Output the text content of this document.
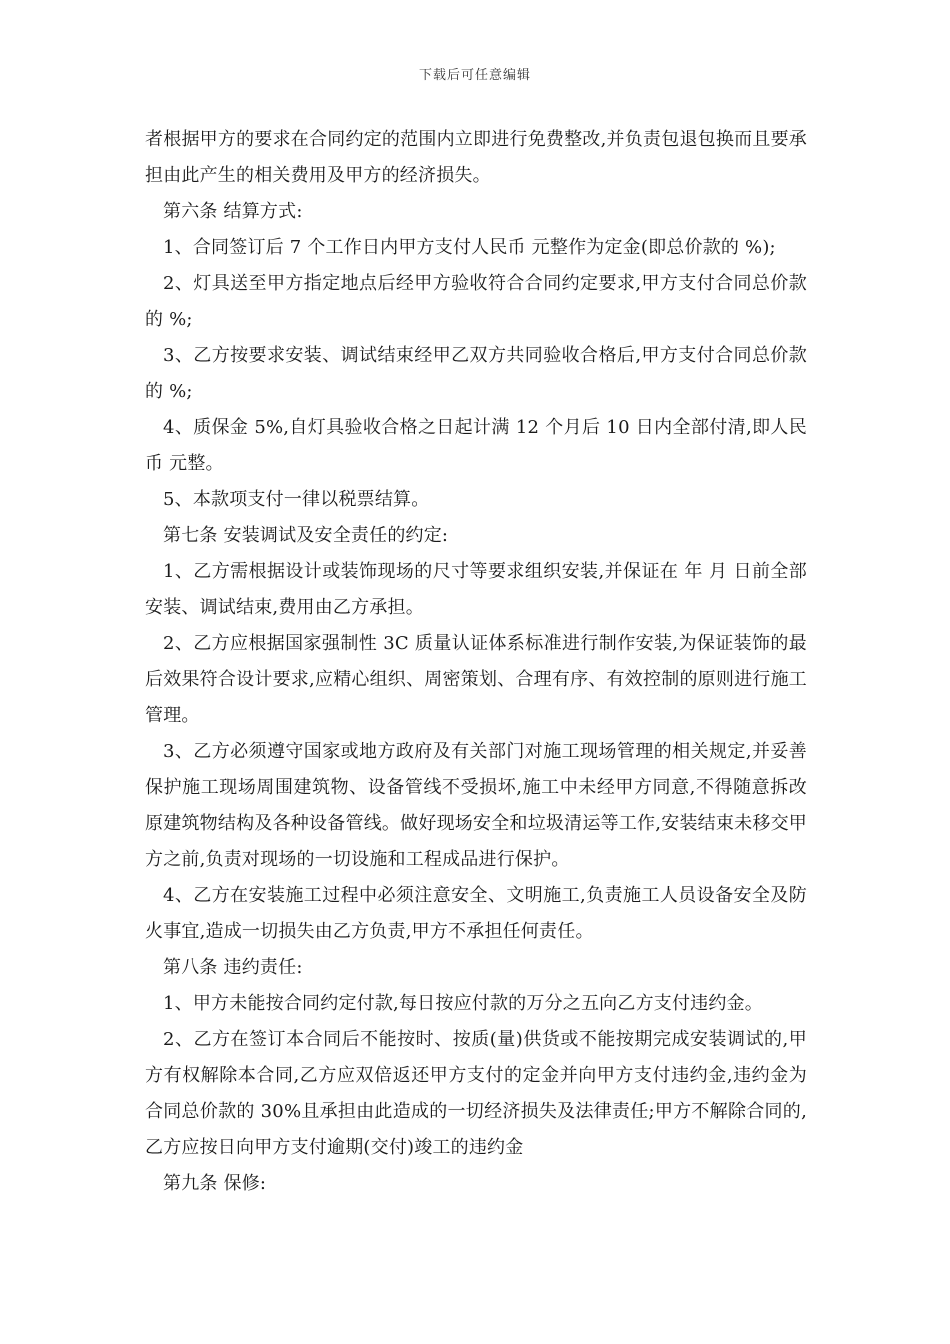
下载后可任意编辑

者根据甲方的要求在合同约定的范围内立即进行免费整改,并负责包退包换而且要承担由此产生的相关费用及甲方的经济损失。

第六条 结算方式:

1、合同签订后 7 个工作日内甲方支付人民币 元整作为定金(即总价款的 %);

2、灯具送至甲方指定地点后经甲方验收符合合同约定要求,甲方支付合同总价款的 %;

3、乙方按要求安装、调试结束经甲乙双方共同验收合格后,甲方支付合同总价款的 %;

4、质保金 5%,自灯具验收合格之日起计满 12 个月后 10 日内全部付清,即人民币 元整。

5、本款项支付一律以税票结算。

第七条 安装调试及安全责任的约定:

1、乙方需根据设计或装饰现场的尺寸等要求组织安装,并保证在 年 月 日前全部安装、调试结束,费用由乙方承担。

2、乙方应根据国家强制性 3C 质量认证体系标准进行制作安装,为保证装饰的最后效果符合设计要求,应精心组织、周密策划、合理有序、有效控制的原则进行施工管理。

3、乙方必须遵守国家或地方政府及有关部门对施工现场管理的相关规定,并妥善保护施工现场周围建筑物、设备管线不受损坏,施工中未经甲方同意,不得随意拆改原建筑物结构及各种设备管线。做好现场安全和垃圾清运等工作,安装结束未移交甲方之前,负责对现场的一切设施和工程成品进行保护。

4、乙方在安装施工过程中必须注意安全、文明施工,负责施工人员设备安全及防火事宜,造成一切损失由乙方负责,甲方不承担任何责任。

第八条 违约责任:

1、甲方未能按合同约定付款,每日按应付款的万分之五向乙方支付违约金。

2、乙方在签订本合同后不能按时、按质(量)供货或不能按期完成安装调试的,甲方有权解除本合同,乙方应双倍返还甲方支付的定金并向甲方支付违约金,违约金为合同总价款的 30%且承担由此造成的一切经济损失及法律责任;甲方不解除合同的,乙方应按日向甲方支付逾期(交付)竣工的违约金

第九条 保修:
